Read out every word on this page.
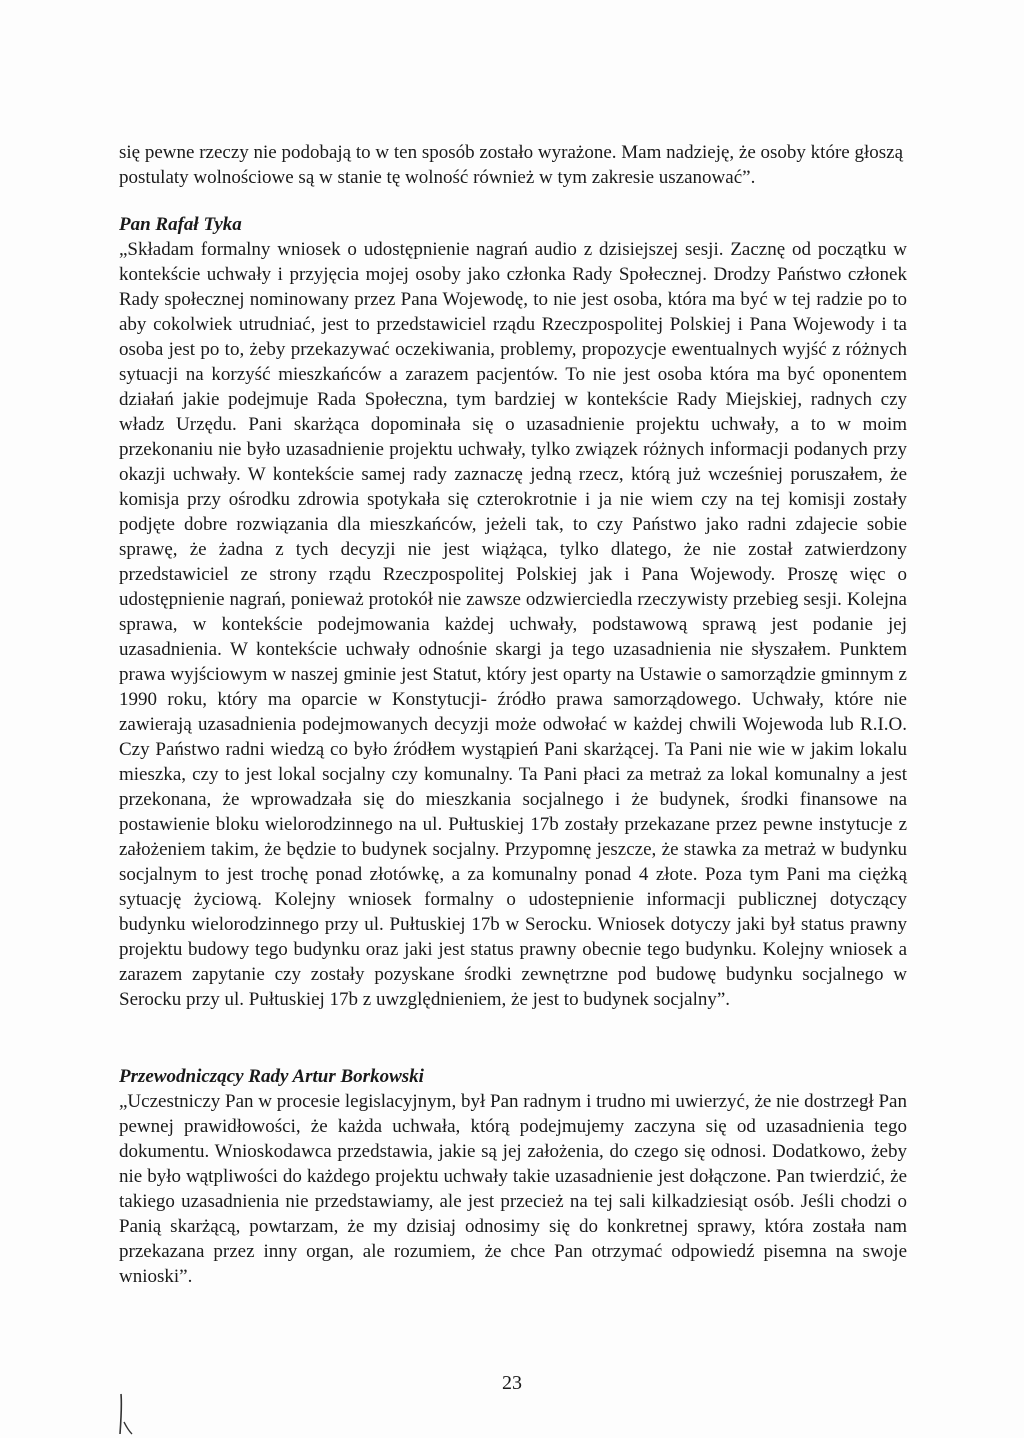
się pewne rzeczy nie podobają to w ten sposób zostało wyrażone. Mam nadzieję, że osoby które głoszą postulaty wolnościowe są w stanie tę wolność również w tym zakresie uszanować”.

Pan Rafał Tyka

„Składam formalny wniosek o udostępnienie nagrań audio z dzisiejszej sesji. Zacznę od początku w kontekście uchwały i przyjęcia mojej osoby jako członka Rady Społecznej. Drodzy Państwo członek Rady społecznej nominowany przez Pana Wojewodę, to nie jest osoba, która ma być w tej radzie po to aby cokolwiek utrudniać, jest to przedstawiciel rządu Rzeczpospolitej Polskiej i Pana Wojewody i ta osoba jest po to, żeby przekazywać oczekiwania, problemy, propozycje ewentualnych wyjść z różnych sytuacji na korzyść mieszkańców a zarazem pacjentów. To nie jest osoba która ma być oponentem działań jakie podejmuje Rada Społeczna, tym bardziej w kontekście Rady Miejskiej, radnych czy władz Urzędu. Pani skarżąca dopominała się o uzasadnienie projektu uchwały, a to w moim przekonaniu nie było uzasadnienie projektu uchwały, tylko związek różnych informacji podanych przy okazji uchwały. W kontekście samej rady zaznaczę jedną rzecz, którą już wcześniej poruszałem, że komisja przy ośrodku zdrowia spotykała się czterokrotnie i ja nie wiem czy na tej komisji zostały podjęte dobre rozwiązania dla mieszkańców, jeżeli tak, to czy Państwo jako radni zdajecie sobie sprawę, że żadna z tych decyzji nie jest wiążąca, tylko dlatego, że nie został zatwierdzony przedstawiciel ze strony rządu Rzeczpospolitej Polskiej jak i Pana Wojewody. Proszę więc o udostępnienie nagrań, ponieważ protokół nie zawsze odzwierciedla rzeczywisty przebieg sesji. Kolejna sprawa, w kontekście podejmowania każdej uchwały, podstawową sprawą jest podanie jej uzasadnienia. W kontekście uchwały odnośnie skargi ja tego uzasadnienia nie słyszałem. Punktem prawa wyjściowym w naszej gminie jest Statut, który jest oparty na Ustawie o samorządzie gminnym z 1990 roku, który ma oparcie w Konstytucji- źródło prawa samorządowego. Uchwały, które nie zawierają uzasadnienia podejmowanych decyzji może odwołać w każdej chwili Wojewoda lub R.I.O. Czy Państwo radni wiedzą co było źródłem wystąpień Pani skarżącej. Ta Pani nie wie w jakim lokalu mieszka, czy to jest lokal socjalny czy komunalny. Ta Pani płaci za metraż za lokal komunalny a jest przekonana, że wprowadzała się do mieszkania socjalnego i że budynek, środki finansowe na postawienie bloku wielorodzinnego na ul. Pułtuskiej 17b zostały przekazane przez pewne instytucje z założeniem takim, że będzie to budynek socjalny. Przypomnę jeszcze, że stawka za metraż w budynku socjalnym to jest trochę ponad złotówkę, a za komunalny ponad 4 złote. Poza tym Pani ma ciężką sytuację życiową. Kolejny wniosek formalny o udostepnienie informacji publicznej dotyczący budynku wielorodzinnego przy ul. Pułtuskiej 17b w Serocku. Wniosek dotyczy jaki był status prawny projektu budowy tego budynku oraz jaki jest status prawny obecnie tego budynku. Kolejny wniosek a zarazem zapytanie czy zostały pozyskane środki zewnętrzne pod budowę budynku socjalnego w Serocku przy ul. Pułtuskiej 17b z uwzględnieniem, że jest to budynek socjalny”.

Przewodniczący Rady Artur Borkowski

„Uczestniczy Pan w procesie legislacyjnym, był Pan radnym i trudno mi uwierzyć, że nie dostrzegł Pan pewnej prawidłowości, że każda uchwała, którą podejmujemy zaczyna się od uzasadnienia tego dokumentu. Wnioskodawca przedstawia, jakie są jej założenia, do czego się odnosi. Dodatkowo, żeby nie było wątpliwości do każdego projektu uchwały takie uzasadnienie jest dołączone. Pan twierdzić, że takiego uzasadnienia nie przedstawiamy, ale jest przecież na tej sali kilkadziesiąt osób. Jeśli chodzi o Panią skarżącą, powtarzam, że my dzisiaj odnosimy się do konkretnej sprawy, która została nam przekazana przez inny organ, ale rozumiem, że chce Pan otrzymać odpowiedź pisemna na swoje wnioski”.

23
